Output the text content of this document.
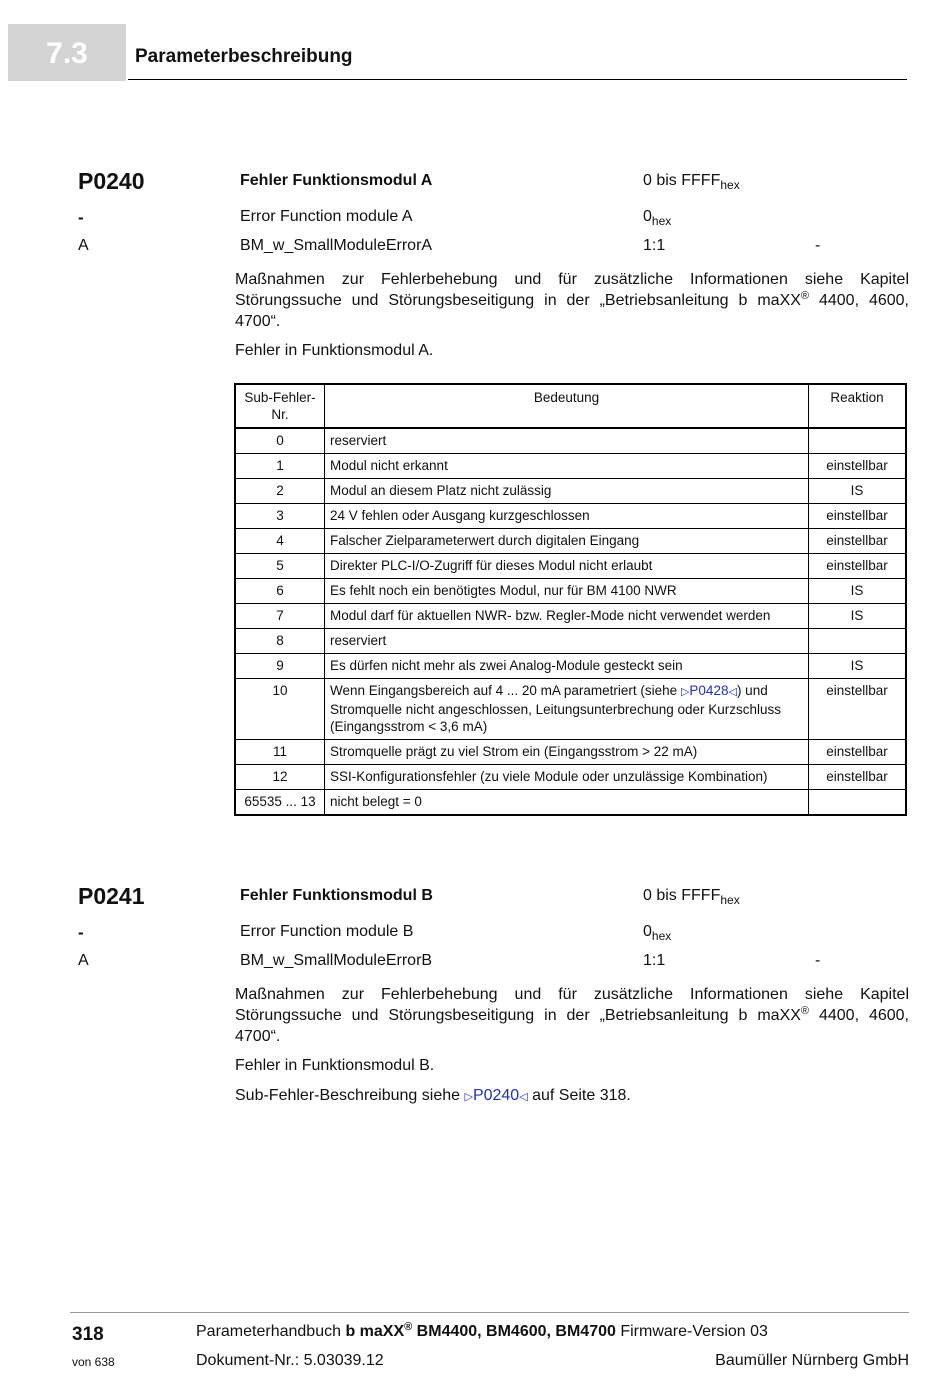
7.3	Parameterbeschreibung
P0240	Fehler Funktionsmodul A	0 bis $FFFF_{hex}$
-	Error Function module A	$0_{hex}$
A	BM_w_SmallModuleErrorA	1:1	-
Maßnahmen zur Fehlerbehebung und für zusätzliche Informationen siehe Kapitel Störungssuche und Störungsbeseitigung in der „Betriebsanleitung b maXX® 4400, 4600, 4700“.
Fehler in Funktionsmodul A.
Sub-Fehler-Nr.	Bedeutung	Reaktion
0	reserviert	
1	Modul nicht erkannt	einstellbar
2	Modul an diesem Platz nicht zulässig	IS
3	24 V fehlen oder Ausgang kurzgeschlossen	einstellbar
4	Falscher Zielparameterwert durch digitalen Eingang	einstellbar
5	Direkter PLC-I/O-Zugriff für dieses Modul nicht erlaubt	einstellbar
6	Es fehlt noch ein benötigtes Modul, nur für BM 4100 NWR	IS
7	Modul darf für aktuellen NWR- bzw. Regler-Mode nicht verwendet werden	IS
8	reserviert	
9	Es dürfen nicht mehr als zwei Analog-Module gesteckt sein	IS
10	Wenn Eingangsbereich auf 4 ... 20 mA parametriert (siehe ▷P0428◁) und Stromquelle nicht angeschlossen, Leitungsunterbrechung oder Kurzschluss (Eingangsstrom < 3,6 mA)	einstellbar
11	Stromquelle prägt zu viel Strom ein (Eingangsstrom > 22 mA)	einstellbar
12	SSI-Konfigurationsfehler (zu viele Module oder unzulässige Kombination)	einstellbar
65535 ... 13	nicht belegt = 0	
P0241	Fehler Funktionsmodul B	0 bis $FFFF_{hex}$
-	Error Function module B	$0_{hex}$
A	BM_w_SmallModuleErrorB	1:1	-
Maßnahmen zur Fehlerbehebung und für zusätzliche Informationen siehe Kapitel Störungssuche und Störungsbeseitigung in der „Betriebsanleitung b maXX® 4400, 4600, 4700“.
Fehler in Funktionsmodul B.
Sub-Fehler-Beschreibung siehe ▷P0240◁ auf Seite 318.
318
von 638
Parameterhandbuch b maXX® BM4400, BM4600, BM4700 Firmware-Version 03
Dokument-Nr.: 5.03039.12	Baumüller Nürnberg GmbH
